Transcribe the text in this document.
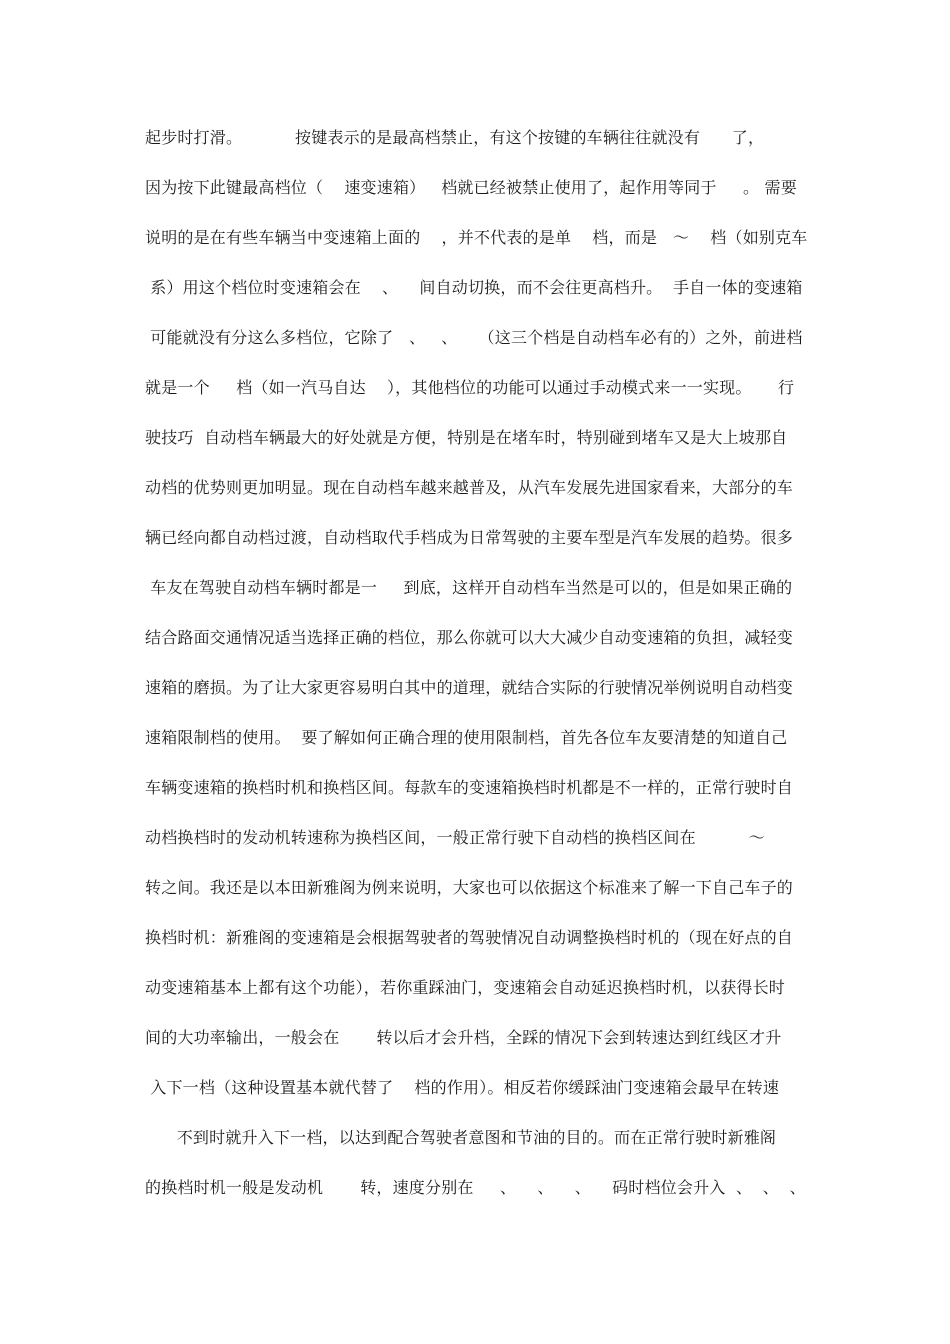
起步时打滑。          按键表示的是最高档禁止，有这个按键的车辆往往就没有      了，
因为按下此键最高档位（    速变速箱）   档就已经被禁止使用了，起作用等同于     。 需要
说明的是在有些车辆当中变速箱上面的    ，并不代表的是单    档，而是   ～    档（如别克车
系）用这个档位时变速箱会在    、    间自动切换，而不会往更高档升。  手自一体的变速箱
可能就没有分这么多档位，它除了   、   、    （这三个档是自动档车必有的）之外，前进档
就是一个     档（如一汽马自达    ），其他档位的功能可以通过手动模式来一一实现。     行
驶技巧  自动档车辆最大的好处就是方便，特别是在堵车时，特别碰到堵车又是大上坡那自
动档的优势则更加明显。现在自动档车越来越普及，从汽车发展先进国家看来，大部分的车
辆已经向都自动档过渡，自动档取代手档成为日常驾驶的主要车型是汽车发展的趋势。很多
车友在驾驶自动档车辆时都是一     到底，这样开自动档车当然是可以的，但是如果正确的
结合路面交通情况适当选择正确的档位，那么你就可以大大减少自动变速箱的负担，减轻变
速箱的磨损。为了让大家更容易明白其中的道理，就结合实际的行驶情况举例说明自动档变
速箱限制档的使用。  要了解如何正确合理的使用限制档，首先各位车友要清楚的知道自己
车辆变速箱的换档时机和换档区间。每款车的变速箱换档时机都是不一样的，正常行驶时自
动档换档时的发动机转速称为换档区间，一般正常行驶下自动档的换档区间在          ～
转之间。我还是以本田新雅阁为例来说明，大家也可以依据这个标准来了解一下自己车子的
换档时机：新雅阁的变速箱是会根据驾驶者的驾驶情况自动调整换档时机的（现在好点的自
动变速箱基本上都有这个功能），若你重踩油门，变速箱会自动延迟换档时机，以获得长时
间的大功率输出，一般会在       转以后才会升档，全踩的情况下会到转速达到红线区才升
入下一档（这种设置基本就代替了    档的作用）。相反若你缓踩油门变速箱会最早在转速
不到时就升入下一档，以达到配合驾驶者意图和节油的目的。而在正常行驶时新雅阁
的换档时机一般是发动机       转，速度分别在     、    、    、    码时档位会升入  、  、  、
